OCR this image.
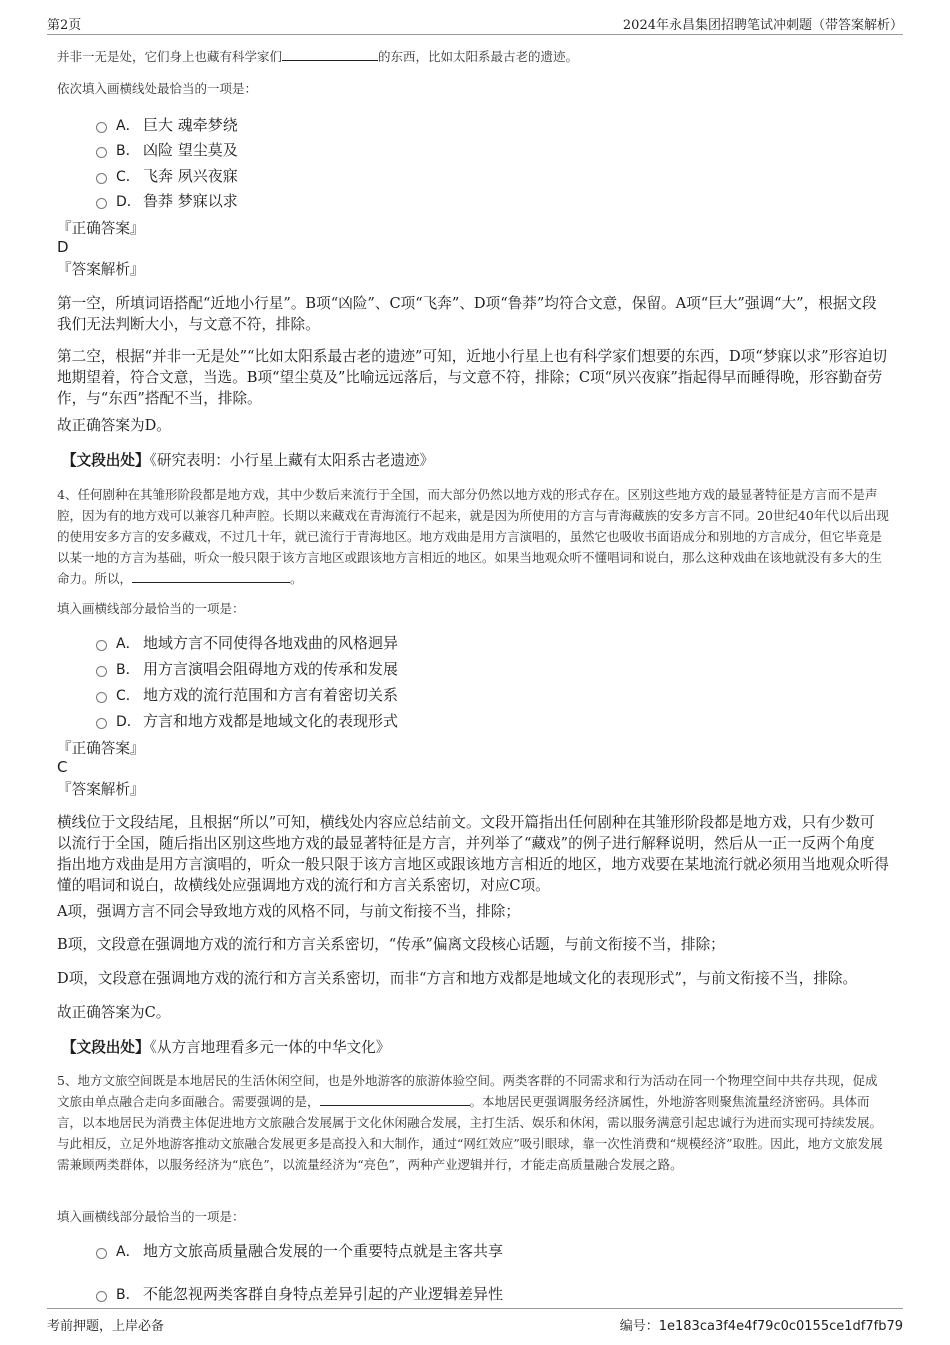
第2页	2024年永昌集团招聘笔试冲刺题（带答案解析）
并非一无是处，它们身上也藏有科学家们	的东西，比如太阳系最古老的遗迹。
依次填入画横线处最恰当的一项是：
A． 巨大 魂牵梦绕
B． 凶险 望尘莫及
C． 飞奔 夙兴夜寐
D． 鲁莽 梦寐以求
『正确答案』
D
『答案解析』
第一空，所填词语搭配“近地小行星”。B项“凶险”、C项“飞奔”、D项“鲁莽”均符合文意，保留。A项“巨大”强调“大”，根据文段我们无法判断大小，与文意不符，排除。
第二空，根据“并非一无是处”“比如太阳系最古老的遗迹”可知，近地小行星上也有科学家们想要的东西，D项“梦寐以求”形容迫切地期望着，符合文意，当选。B项“望尘莫及”比喻远远落后，与文意不符，排除；C项“夙兴夜寐”指起得早而睡得晚，形容勤奋劳作，与“东西”搭配不当，排除。
故正确答案为D。
【文段出处】《研究表明：小行星上藏有太阳系古老遗迹》
4、任何剧种在其雏形阶段都是地方戏，其中少数后来流行于全国，而大部分仍然以地方戏的形式存在。区别这些地方戏的最显著特征是方言而不是声腔，因为有的地方戏可以兼容几种声腔。长期以来藏戏在青海流行不起来，就是因为所使用的方言与青海藏族的安多方言不同。20世纪40年代以后出现的使用安多方言的安多藏戏，不过几十年，就已流行于青海地区。地方戏曲是用方言演唱的，虽然它也吸收书面语成分和别地的方言成分，但它毕竟是以某一地的方言为基础，听众一般只限于该方言地区或跟该地方言相近的地区。如果当地观众听不懂唱词和说白，那么这种戏曲在该地就没有多大的生命力。所以，	。
填入画横线部分最恰当的一项是：
A． 地域方言不同使得各地戏曲的风格迥异
B． 用方言演唱会阻碍地方戏的传承和发展
C． 地方戏的流行范围和方言有着密切关系
D． 方言和地方戏都是地域文化的表现形式
『正确答案』
C
『答案解析』
横线位于文段结尾，且根据“所以”可知，横线处内容应总结前文。文段开篇指出任何剧种在其雏形阶段都是地方戏，只有少数可以流行于全国，随后指出区别这些地方戏的最显著特征是方言，并列举了“藏戏”的例子进行解释说明，然后从一正一反两个角度指出地方戏曲是用方言演唱的，听众一般只限于该方言地区或跟该地方言相近的地区，地方戏要在某地流行就必须用当地观众听得懂的唱词和说白，故横线处应强调地方戏的流行和方言关系密切，对应C项。
A项，强调方言不同会导致地方戏的风格不同，与前文衔接不当，排除；
B项，文段意在强调地方戏的流行和方言关系密切，“传承”偏离文段核心话题，与前文衔接不当，排除；
D项，文段意在强调地方戏的流行和方言关系密切，而非“方言和地方戏都是地域文化的表现形式”，与前文衔接不当，排除。
故正确答案为C。
【文段出处】《从方言地理看多元一体的中华文化》
5、地方文旅空间既是本地居民的生活休闲空间，也是外地游客的旅游体验空间。两类客群的不同需求和行为活动在同一个物理空间中共存共现，促成文旅由单点融合走向多面融合。需要强调的是，	。本地居民更强调服务经济属性，外地游客则聚焦流量经济密码。具体而言，以本地居民为消费主体促进地方文旅融合发展属于文化休闲融合发展，主打生活、娱乐和休闲，需以服务满意引起忠诚行为进而实现可持续发展。与此相反，立足外地游客推动文旅融合发展更多是高投入和大制作，通过“网红效应”吸引眼球，靠一次性消费和“规模经济”取胜。因此，地方文旅发展需兼顾两类群体，以服务经济为“底色”，以流量经济为“亮色”，两种产业逻辑并行，才能走高质量融合发展之路。
填入画横线部分最恰当的一项是：
A． 地方文旅高质量融合发展的一个重要特点就是主客共享
B． 不能忽视两类客群自身特点差异引起的产业逻辑差异性
考前押题，上岸必备	编号：1e183ca3f4e4f79c0c0155ce1df7fb79
